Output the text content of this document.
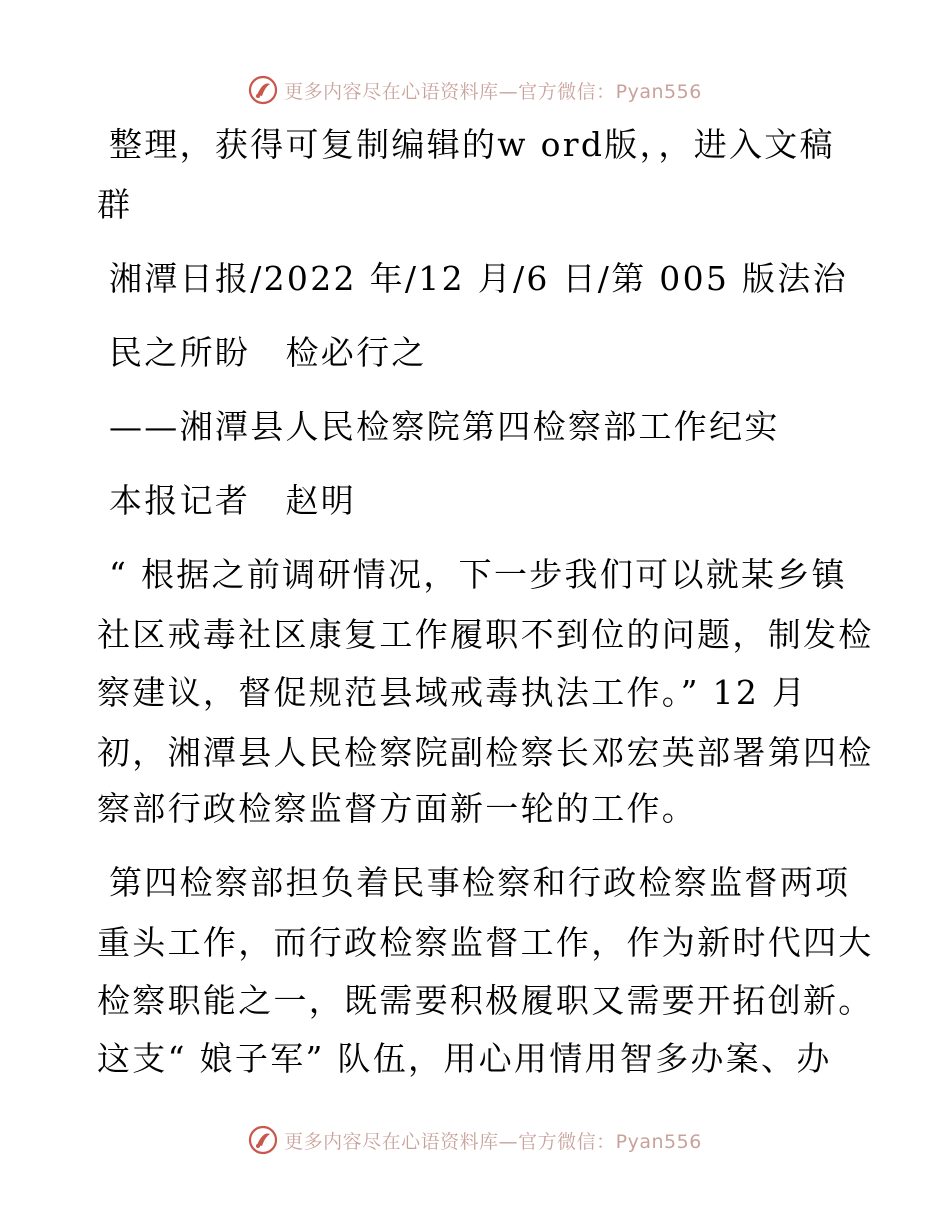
更多内容尽在心语资料库—官方微信：Pyan556
整理，获得可复制编辑的w ord版，，进入文稿
群
湘潭日报/2022 年/12 月/6 日/第 005 版法治
民之所盼　检必行之
——湘潭县人民检察院第四检察部工作纪实
本报记者　赵明
“ 根据之前调研情况，下一步我们可以就某乡镇
社区戒毒社区康复工作履职不到位的问题，制发检
察建议，督促规范县域戒毒执法工作。” 12 月
初，湘潭县人民检察院副检察长邓宏英部署第四检
察部行政检察监督方面新一轮的工作。
第四检察部担负着民事检察和行政检察监督两项
重头工作，而行政检察监督工作，作为新时代四大
检察职能之一，既需要积极履职又需要开拓创新。
这支“ 娘子军” 队伍，用心用情用智多办案、办
更多内容尽在心语资料库—官方微信：Pyan556
